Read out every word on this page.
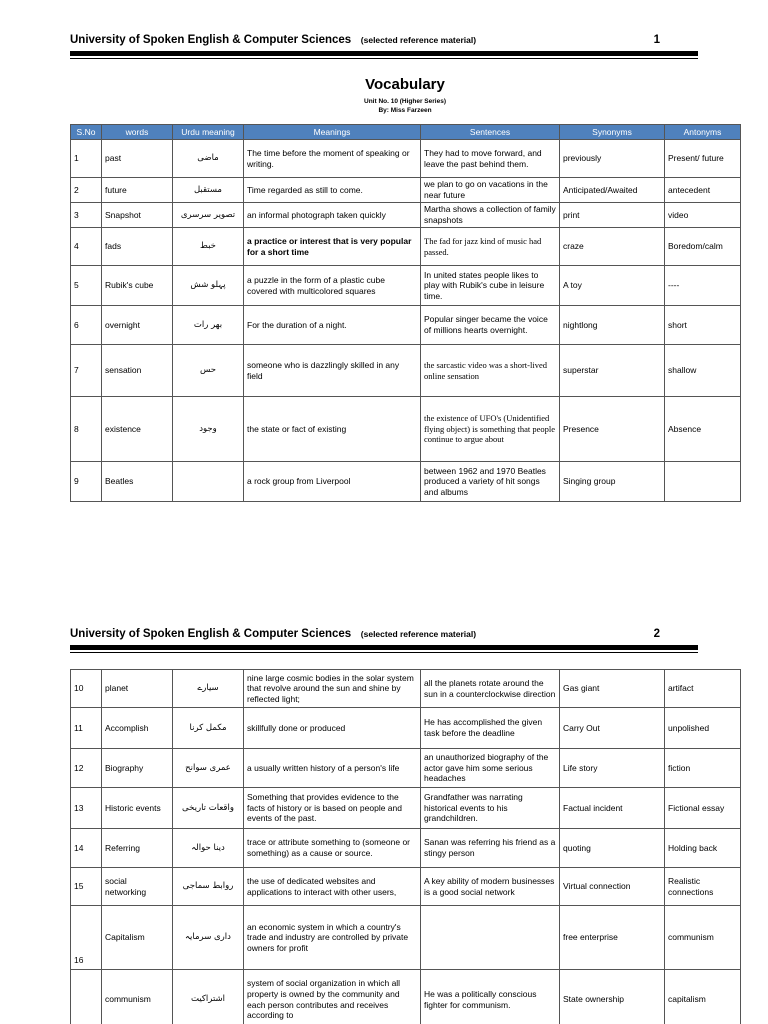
University of Spoken English & Computer Sciences (selected reference material)	1
Vocabulary
Unit No. 10 (Higher Series)
By: Miss Farzeen
S.No	words	Urdu meaning	Meanings	Sentences	Synonyms	Antonyms
1	past	ماضی	The time before the moment of speaking or writing.	They had to move forward, and leave the past behind them.	previously	Present/ future
2	future	مستقبل	Time regarded as still to come.	we plan to go on vacations in the near future	Anticipated/Awaited	antecedent
3	Snapshot	تصویر سرسری	an informal photograph taken quickly	Martha shows a collection of family snapshots	print	video
4	fads	خبط	a practice or interest that is very popular for a short time	The fad for jazz kind of music had passed.	craze	Boredom/calm
5	Rubik's cube	پہلو شش	a puzzle in the form of a plastic cube covered with multicolored squares	In united states people likes to play with Rubik's cube in leisure time.	A toy	----
6	overnight	بھر رات	For the duration of a night.	Popular singer became the voice of millions hearts overnight.	nightlong	short
7	sensation	حس	someone who is dazzlingly skilled in any field	the sarcastic video was a short-lived online sensation	superstar	shallow
8	existence	وجود	the state or fact of existing	the existence of UFO's (Unidentified flying object) is something that people continue to argue about	Presence	Absence
9	Beatles		a rock group from Liverpool	between 1962 and 1970 Beatles produced a variety of hit songs and albums	Singing group	
University of Spoken English & Computer Sciences (selected reference material)	2
10	planet	سیارے	nine large cosmic bodies in the solar system that revolve around the sun and shine by reflected light;	all the planets rotate around the sun in a counterclockwise direction	Gas giant	artifact
11	Accomplish	مکمل کرنا	skillfully done or produced	He has accomplished the given task before the deadline	Carry Out	unpolished
12	Biography	عمری سوانح	a usually written history of a person's life	an unauthorized biography of the actor gave him some serious headaches	Life story	fiction
13	Historic events	واقعات تاریخی	Something that provides evidence to the facts of history or is based on people and events of the past.	Grandfather was narrating historical events to his grandchildren.	Factual incident	Fictional essay
14	Referring	دینا حوالہ	trace or attribute something to (someone or something) as a cause or source.	Sanan was referring his friend as a stingy person	quoting	Holding back
15	social networking	روابط سماجی	the use of dedicated websites and applications to interact with other users,	A key ability of modern businesses is a good social network	Virtual connection	Realistic connections
16	Capitalism	داری سرمایہ	an economic system in which a country's trade and industry are controlled by private owners for profit		free enterprise	communism
	communism	اشتراکیت	system of social organization in which all property is owned by the community and each person contributes and receives according to	He was a politically conscious fighter for communism.	State ownership	capitalism
